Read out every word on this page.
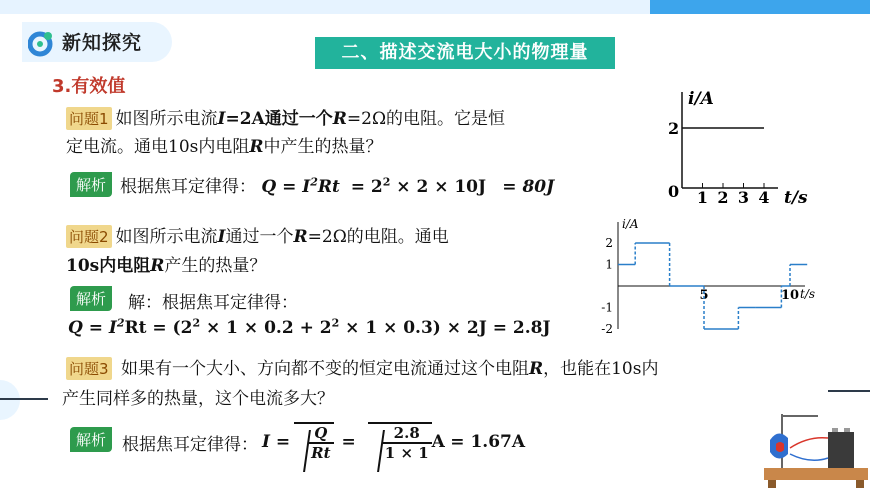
新知探究	二、描述交流电大小的物理量
3.有效值
问题1 如图所示电流I=2A通过一个R=2Ω的电阻。它是恒
定电流。通电10s内电阻R中产生的热量？
解析 根据焦耳定律得： $Q = I^2Rt = 2^2 \times 2 \times 10J = 80J$
问题2 如图所示电流I通过一个R=2Ω的电阻。通电
10s内电阻R产生的热量？
解析	解：根据焦耳定律得：
$Q = I^2Rt = (2^2 \times 1 \times 0.2 + 2^2 \times 1 \times 0.3) \times 2J = 2.8J$
问题3 如果有一个大小、方向都不变的恒定电流通过这个电阻R，也能在10s内
产生同样多的热量，这个电流多大？
解析 根据焦耳定律得： $I = \frac{Q}{Rt} = \frac{2.8}{1 \times 1}$ A
= 1.67A
i/A
t/s
0
2
1 2 3 4
i/A
t/s
2
1
-1
-2
5	10
